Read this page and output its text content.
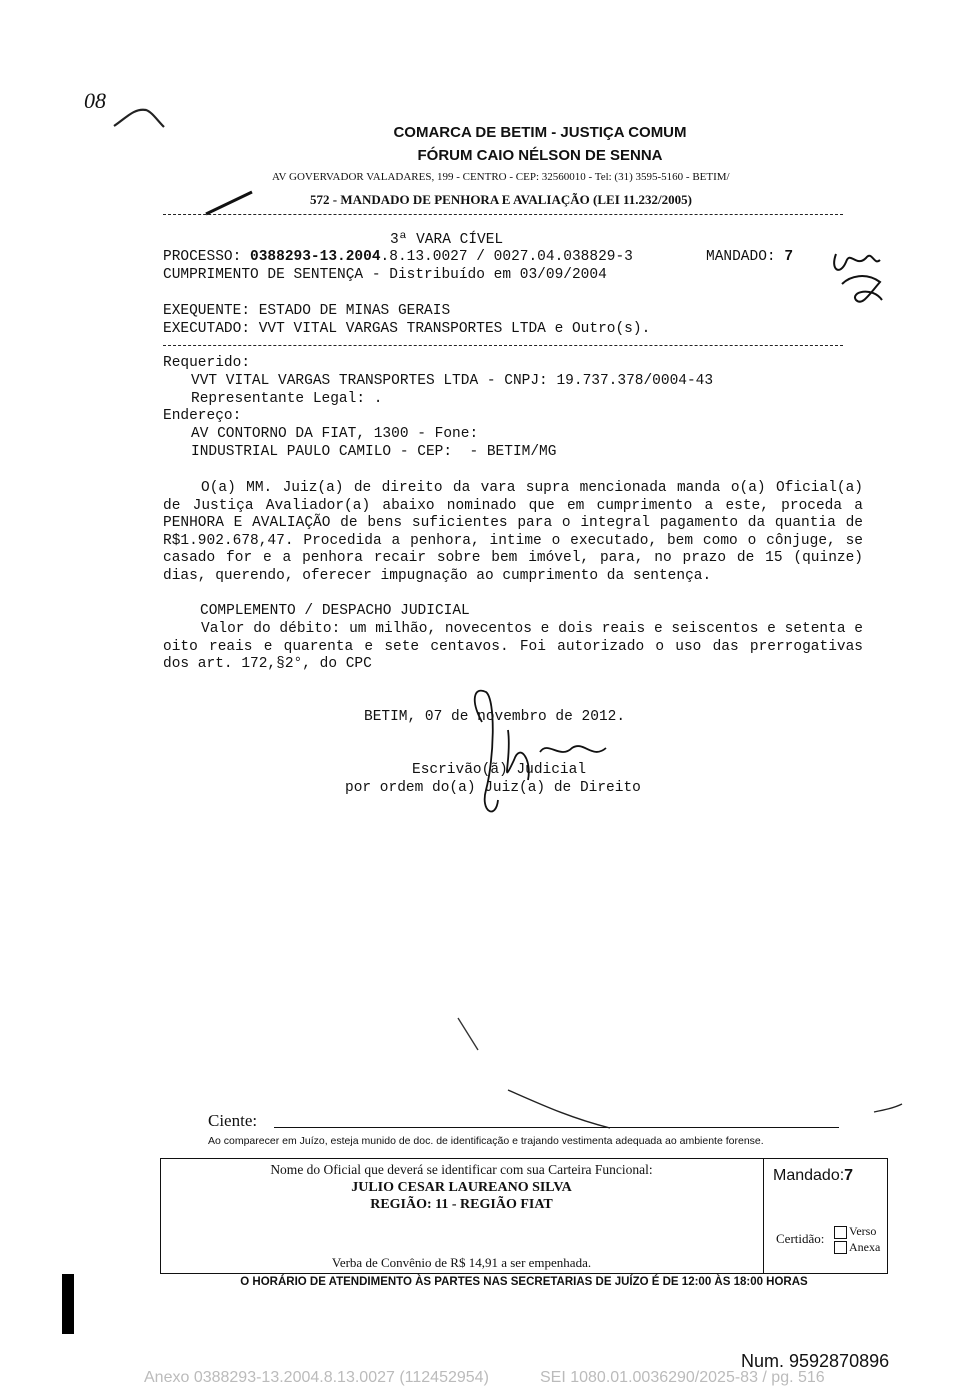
08
COMARCA DE BETIM - JUSTIÇA COMUM
FÓRUM CAIO NÉLSON DE SENNA
AV GOVERVADOR VALADARES, 199 - CENTRO - CEP: 32560010 - Tel: (31) 3595-5160 - BETIM/
572 - MANDADO DE PENHORA E AVALIAÇÃO (LEI 11.232/2005)
3ª VARA CÍVEL
PROCESSO: 0388293-13.2004.8.13.0027 / 0027.04.038829-3	MANDADO: 7
CUMPRIMENTO DE SENTENÇA - Distribuído em 03/09/2004
EXEQUENTE: ESTADO DE MINAS GERAIS
EXECUTADO: VVT VITAL VARGAS TRANSPORTES LTDA e Outro(s).
Requerido:
VVT VITAL VARGAS TRANSPORTES LTDA - CNPJ: 19.737.378/0004-43
Representante Legal: .
Endereço:
AV CONTORNO DA FIAT, 1300 - Fone:
INDUSTRIAL PAULO CAMILO - CEP:  - BETIM/MG
O(a) MM. Juiz(a) de direito da vara supra mencionada manda o(a) Oficial(a) de Justiça Avaliador(a) abaixo nominado que em cumprimento a este, proceda a PENHORA E AVALIAÇÃO de bens suficientes para o integral pagamento da quantia de R$1.902.678,47. Procedida a penhora, intime o executado, bem como o cônjuge, se casado for e a penhora recair sobre bem imóvel, para, no prazo de 15 (quinze) dias, querendo, oferecer impugnação ao cumprimento da sentença.
COMPLEMENTO / DESPACHO JUDICIAL
Valor do débito: um milhão, novecentos e dois reais e seiscentos e setenta e oito reais e quarenta e sete centavos. Foi autorizado o uso das prerrogativas dos art. 172,§2°, do CPC
BETIM, 07 de novembro de 2012.
Escrivão(ã) Judicial
por ordem do(a) Juiz(a) de Direito
Ciente:
Ao comparecer em Juízo, esteja munido de doc. de identificação e trajando vestimenta adequada ao ambiente forense.
Nome do Oficial que deverá se identificar com sua Carteira Funcional:
JULIO CESAR LAUREANO SILVA
REGIÃO: 11 - REGIÃO FIAT
Verba de Convênio de R$ 14,91 a ser empenhada.
Mandado:7
Certidão: Verso
Anexa
O HORÁRIO DE ATENDIMENTO ÀS PARTES NAS SECRETARIAS DE JUÍZO É DE 12:00 ÀS 18:00 HORAS
Num. 9592870896
Anexo 0388293-13.2004.8.13.0027 (112452954)	SEI 1080.01.0036290/2025-83 / pg. 516
